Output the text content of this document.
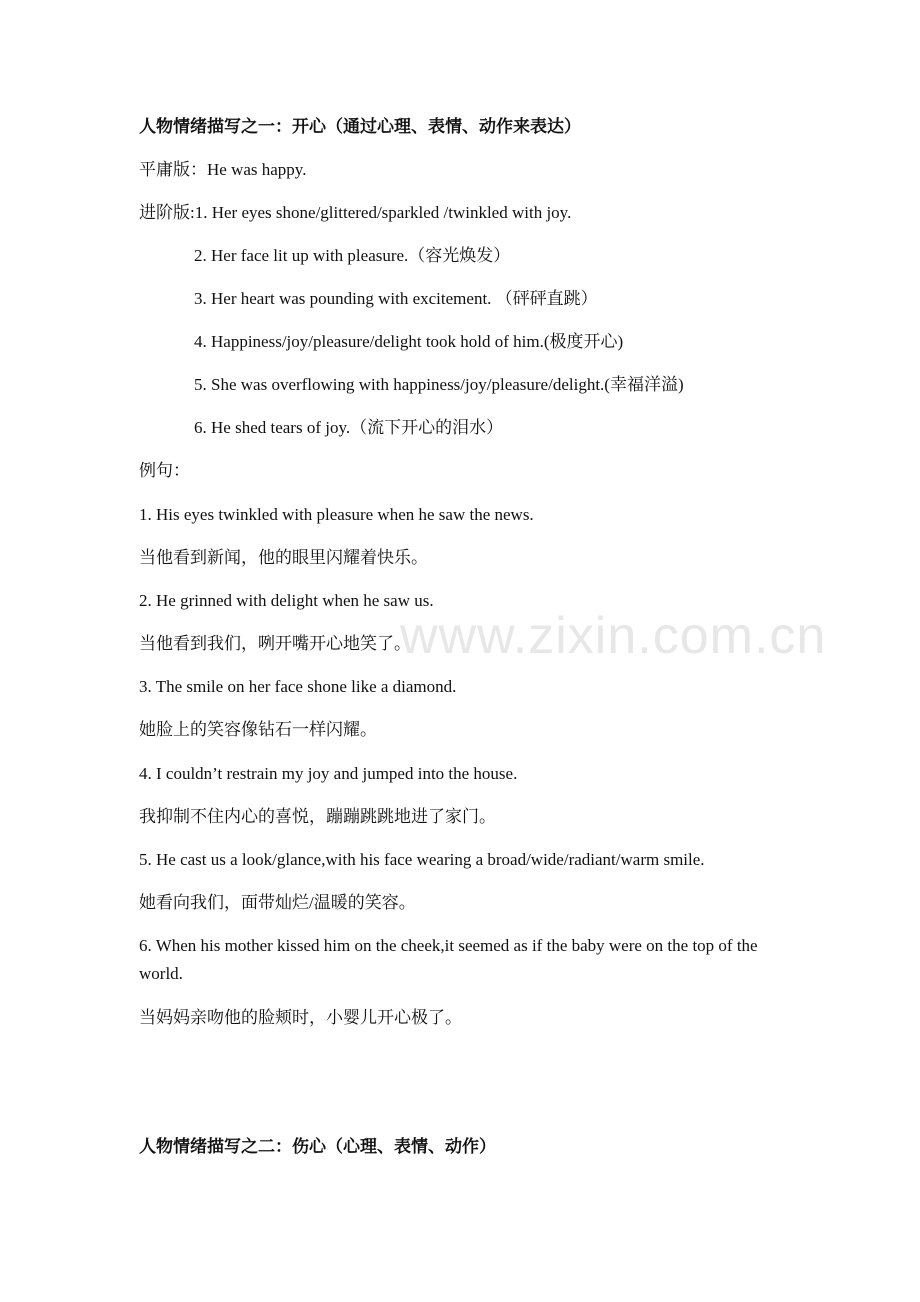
人物情绪描写之一：开心（通过心理、表情、动作来表达）
平庸版：He was happy.
进阶版:1. Her eyes shone/glittered/sparkled /twinkled with joy.
2. Her face lit up with pleasure.（容光焕发）
3. Her heart was pounding with excitement. （砰砰直跳）
4. Happiness/joy/pleasure/delight took hold of him.(极度开心)
5. She was overflowing with happiness/joy/pleasure/delight.(幸福洋溢)
6. He shed tears of joy.（流下开心的泪水）
例句：
1. His eyes twinkled with pleasure when he saw the news.
当他看到新闻，他的眼里闪耀着快乐。
2. He grinned with delight when he saw us.
当他看到我们，咧开嘴开心地笑了。
3. The smile on her face shone like a diamond.
她脸上的笑容像钻石一样闪耀。
4. I couldn’t restrain my joy and jumped into the house.
我抑制不住内心的喜悦，蹦蹦跳跳地进了家门。
5. He cast us a look/glance,with his face wearing a broad/wide/radiant/warm smile.
她看向我们，面带灿烂/温暖的笑容。
6. When his mother kissed him on the cheek,it seemed as if the baby were on the top of the world.
当妈妈亲吻他的脸颊时，小婴儿开心极了。
人物情绪描写之二：伤心（心理、表情、动作）
www.zixin.com.cn
